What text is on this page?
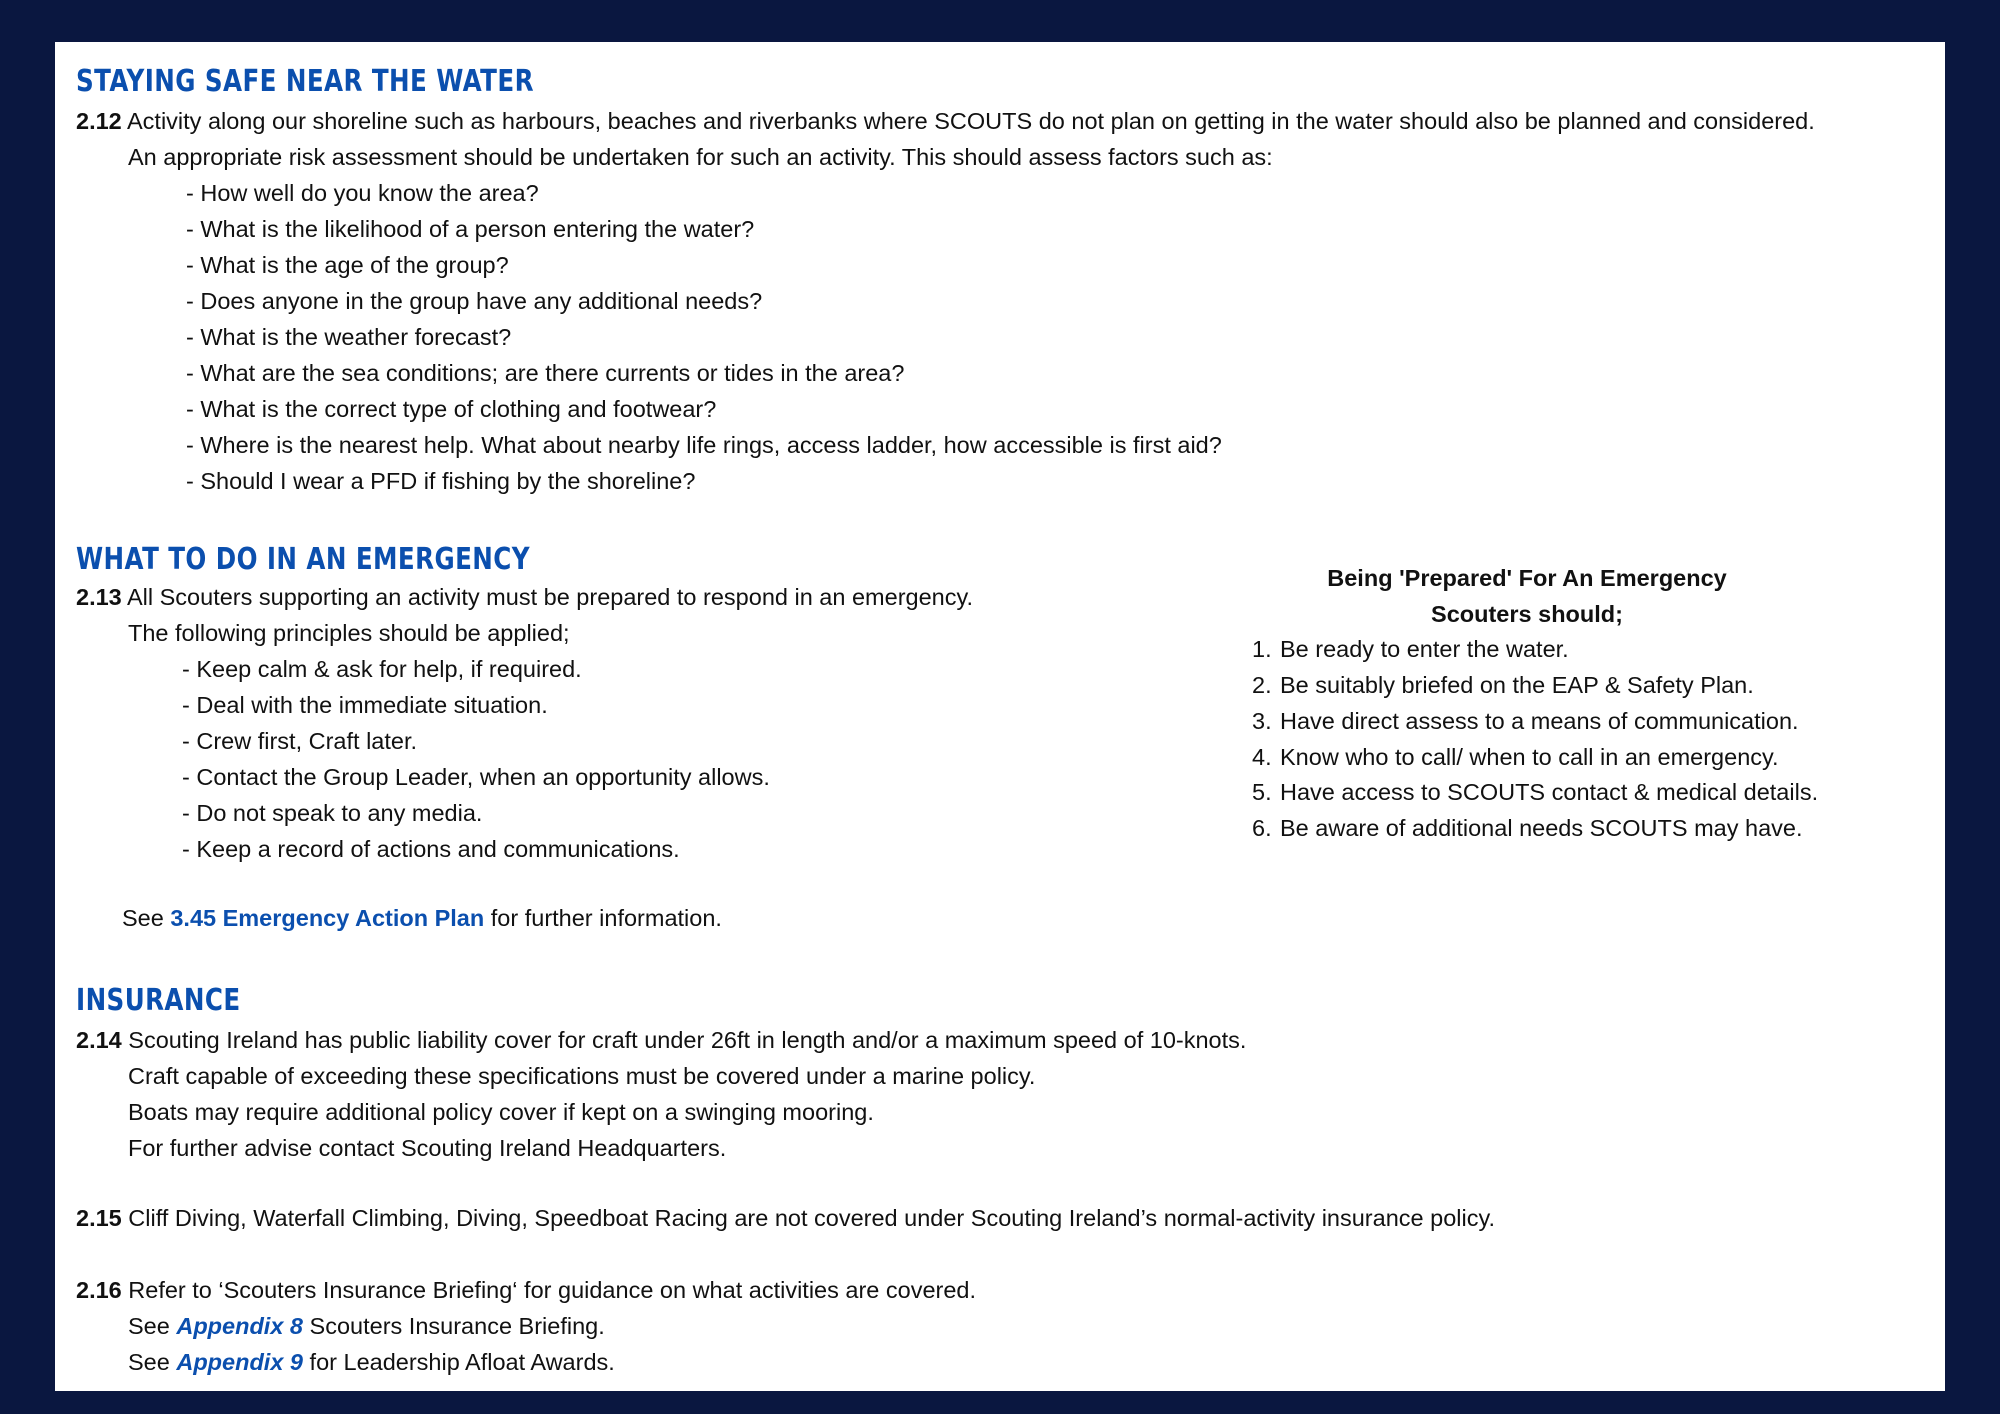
STAYING SAFE NEAR THE WATER
2.12 Activity along our shoreline such as harbours, beaches and riverbanks where SCOUTS do not plan on getting in the water should also be planned and considered.
An appropriate risk assessment should be undertaken for such an activity. This should assess factors such as:
- How well do you know the area?
- What is the likelihood of a person entering the water?
- What is the age of the group?
- Does anyone in the group have any additional needs?
- What is the weather forecast?
- What are the sea conditions; are there currents or tides in the area?
- What is the correct type of clothing and footwear?
- Where is the nearest help. What about nearby life rings, access ladder, how accessible is first aid?
- Should I wear a PFD if fishing by the shoreline?
WHAT TO DO IN AN EMERGENCY
2.13 All Scouters supporting an activity must be prepared to respond in an emergency.
The following principles should be applied;
- Keep calm & ask for help, if required.
- Deal with the immediate situation.
- Crew first, Craft later.
- Contact the Group Leader, when an opportunity allows.
- Do not speak to any media.
- Keep a record of actions and communications.
See 3.45 Emergency Action Plan for further information.
Being 'Prepared' For An Emergency
Scouters should;
1. Be ready to enter the water.
2. Be suitably briefed on the EAP & Safety Plan.
3. Have direct assess to a means of communication.
4. Know who to call/ when to call in an emergency.
5. Have access to SCOUTS contact & medical details.
6. Be aware of additional needs SCOUTS may have.
INSURANCE
2.14 Scouting Ireland has public liability cover for craft under 26ft in length and/or a maximum speed of 10-knots.
Craft capable of exceeding these specifications must be covered under a marine policy.
Boats may require additional policy cover if kept on a swinging mooring.
For further advise contact Scouting Ireland Headquarters.
2.15 Cliff Diving, Waterfall Climbing, Diving, Speedboat Racing are not covered under Scouting Ireland’s normal-activity insurance policy.
2.16 Refer to ‘Scouters Insurance Briefing‘ for guidance on what activities are covered.
See Appendix 8 Scouters Insurance Briefing.
See Appendix 9 for Leadership Afloat Awards.
